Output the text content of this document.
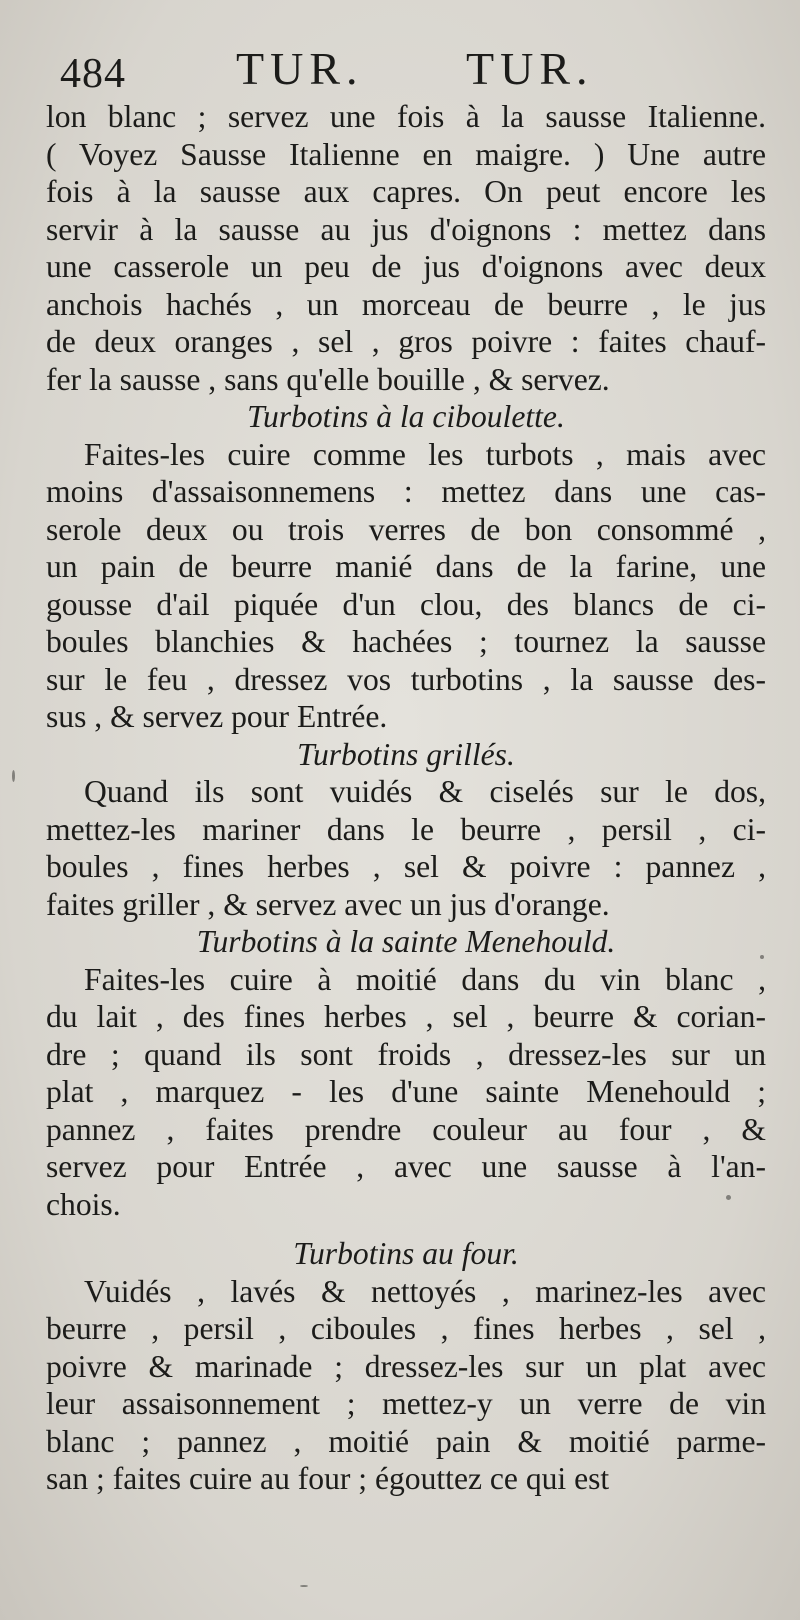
484 TUR. TUR.
lon blanc ; servez une fois à la sausse Italienne.
( Voyez Sausse Italienne en maigre. ) Une autre
fois à la sausse aux capres. On peut encore les
servir à la sausse au jus d'oignons : mettez dans
une casserole un peu de jus d'oignons avec deux
anchois hachés , un morceau de beurre , le jus
de deux oranges , sel , gros poivre : faites chauf-
fer la sausse , sans qu'elle bouille , & servez.
Turbotins à la ciboulette.
Faites-les cuire comme les turbots , mais avec
moins d'assaisonnemens : mettez dans une cas-
serole deux ou trois verres de bon consommé ,
un pain de beurre manié dans de la farine, une
gousse d'ail piquée d'un clou, des blancs de ci-
boules blanchies & hachées ; tournez la sausse
sur le feu , dressez vos turbotins , la sausse des-
sus , & servez pour Entrée.
Turbotins grillés.
Quand ils sont vuidés & ciselés sur le dos,
mettez-les mariner dans le beurre , persil , ci-
boules , fines herbes , sel & poivre : pannez ,
faites griller , & servez avec un jus d'orange.
Turbotins à la sainte Menehould.
Faites-les cuire à moitié dans du vin blanc ,
du lait , des fines herbes , sel , beurre & corian-
dre ; quand ils sont froids , dressez-les sur un
plat , marquez - les d'une sainte Menehould ;
pannez , faites prendre couleur au four , &
servez pour Entrée , avec une sausse à l'an-
chois.
Turbotins au four.
Vuidés , lavés & nettoyés , marinez-les avec
beurre , persil , ciboules , fines herbes , sel ,
poivre & marinade ; dressez-les sur un plat avec
leur assaisonnement ; mettez-y un verre de vin
blanc ; pannez , moitié pain & moitié parme-
san ; faites cuire au four ; égouttez ce qui est
